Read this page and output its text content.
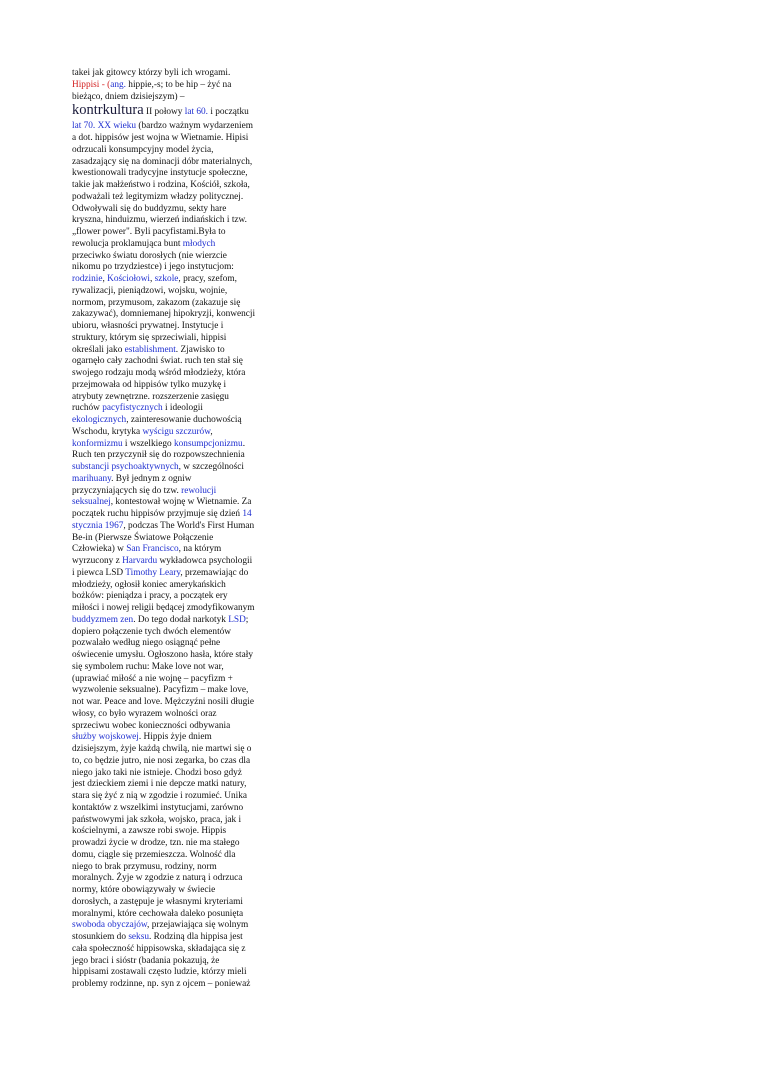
takei jak gitowcy którzy byli ich wrogami.
Hippisi - (ang. hippie,-s; to be hip – żyć na
bieżąco, dniem dzisiejszym) –
kontrkultura II połowy lat 60. i początku
lat 70. XX wieku (bardzo ważnym wydarzeniem
a dot. hippisów jest wojna w Wietnamie. Hipisi
odrzucali konsumpcyjny model życia,
zasadzający się na dominacji dóbr materialnych,
kwestionowali tradycyjne instytucje społeczne,
takie jak małżeństwo i rodzina, Kościół, szkoła,
podważali też legitymizm władzy politycznej.
Odwoływali się do buddyzmu, sekty hare
kryszna, hinduizmu, wierzeń indiańskich i tzw.
„flower power". Byli pacyfistami.Była to
rewolucja proklamująca bunt młodych
przeciwko światu dorosłych (nie wierzcie
nikomu po trzydziestce) i jego instytucjom:
rodzinie, Kościołowi, szkole, pracy, szefom,
rywalizacji, pieniądzowi, wojsku, wojnie,
normom, przymusom, zakazom (zakazuje się
zakazywać), domniemanej hipokryzji, konwencji
ubioru, własności prywatnej. Instytucje i
struktury, którym się sprzeciwiali, hippisi
określali jako establishment. Zjawisko to
ogarnęło cały zachodni świat. ruch ten stał się
swojego rodzaju modą wśród młodzieży, która
przejmowała od hippisów tylko muzykę i
atrybuty zewnętrzne. rozszerzenie zasięgu
ruchów pacyfistycznych i ideologii
ekologicznych, zainteresowanie duchowością
Wschodu, krytyka wyścigu szczurów,
konformizmu i wszelkiego konsumpcjonizmu.
Ruch ten przyczynił się do rozpowszechnienia
substancji psychoaktywnych, w szczególności
marihuany. Był jednym z ogniw
przyczyniających się do tzw. rewolucji
seksualnej, kontestował wojnę w Wietnamie. Za
początek ruchu hippisów przyjmuje się dzień 14
stycznia 1967, podczas The World's First Human
Be-in (Pierwsze Światowe Połączenie
Człowieka) w San Francisco, na którym
wyrzucony z Harvardu wykładowca psychologii
i piewca LSD Timothy Leary, przemawiając do
młodzieży, ogłosił koniec amerykańskich
bożków: pieniądza i pracy, a początek ery
miłości i nowej religii będącej zmodyfikowanym
buddyzmem zen. Do tego dodał narkotyk LSD;
dopiero połączenie tych dwóch elementów
pozwalało według niego osiągnąć pełne
oświecenie umysłu. Ogłoszono hasła, które stały
się symbolem ruchu: Make love not war,
(uprawiać miłość a nie wojnę – pacyfizm +
wyzwolenie seksualne). Pacyfizm – make love,
not war. Peace and love. Mężczyźni nosili długie
włosy, co było wyrazem wolności oraz
sprzeciwu wobec konieczności odbywania
służby wojskowej. Hippis żyje dniem
dzisiejszym, żyje każdą chwilą, nie martwi się o
to, co będzie jutro, nie nosi zegarka, bo czas dla
niego jako taki nie istnieje. Chodzi boso gdyż
jest dzieckiem ziemi i nie depcze matki natury,
stara się żyć z nią w zgodzie i rozumieć. Unika
kontaktów z wszelkimi instytucjami, zarówno
państwowymi jak szkoła, wojsko, praca, jak i
kościelnymi, a zawsze robi swoje. Hippis
prowadzi życie w drodze, tzn. nie ma stałego
domu, ciągle się przemieszcza. Wolność dla
niego to brak przymusu, rodziny, norm
moralnych. Żyje w zgodzie z naturą i odrzuca
normy, które obowiązywały w świecie
dorosłych, a zastępuje je własnymi kryteriami
moralnymi, które cechowała daleko posunięta
swoboda obyczajów, przejawiająca się wolnym
stosunkiem do seksu. Rodziną dla hippisa jest
cała społeczność hippisowska, składająca się z
jego braci i sióstr (badania pokazują, że
hippisami zostawali często ludzie, którzy mieli
problemy rodzinne, np. syn z ojcem – ponieważ
